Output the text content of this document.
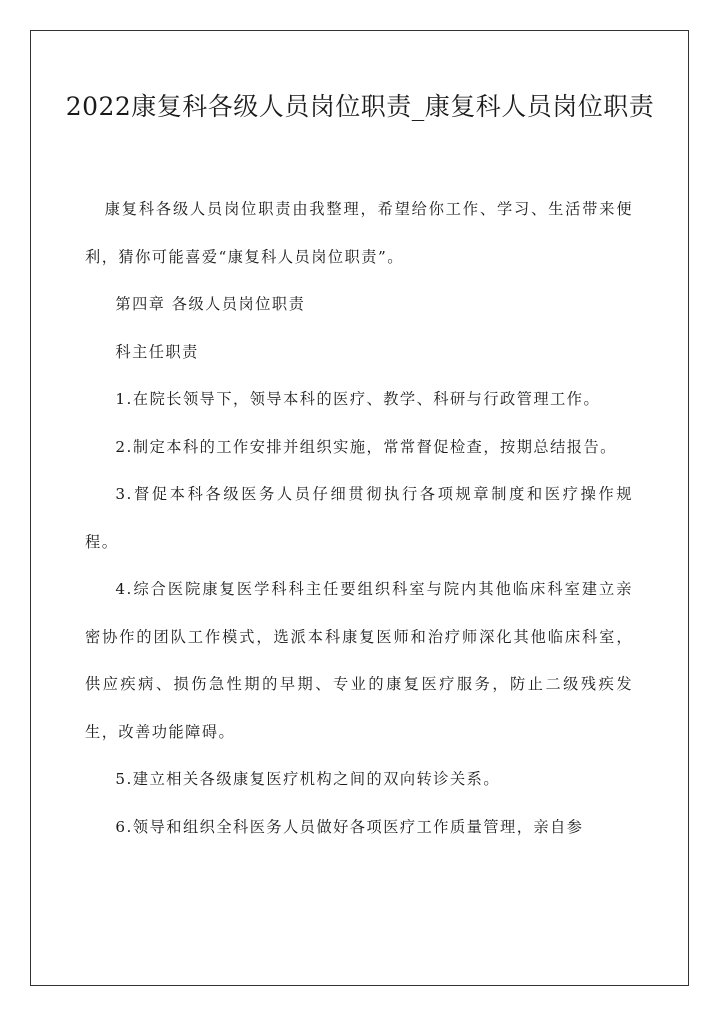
2022康复科各级人员岗位职责_康复科人员岗位职责

康复科各级人员岗位职责由我整理，希望给你工作、学习、生活带来便利，猜你可能喜爱“康复科人员岗位职责”。

第四章 各级人员岗位职责

科主任职责

1.在院长领导下，领导本科的医疗、教学、科研与行政管理工作。

2.制定本科的工作安排并组织实施，常常督促检查，按期总结报告。

3.督促本科各级医务人员仔细贯彻执行各项规章制度和医疗操作规程。

4.综合医院康复医学科科主任要组织科室与院内其他临床科室建立亲密协作的团队工作模式，选派本科康复医师和治疗师深化其他临床科室，供应疾病、损伤急性期的早期、专业的康复医疗服务，防止二级残疾发生，改善功能障碍。

5.建立相关各级康复医疗机构之间的双向转诊关系。

6.领导和组织全科医务人员做好各项医疗工作质量管理，亲自参
